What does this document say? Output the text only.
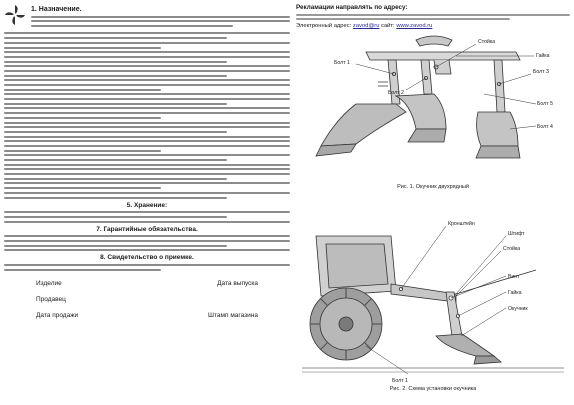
1. Назначение.
5. Хранение:
7. Гарантийные обязательства.
8. Свидетельство о приемке.
Изделие	Дата выпуска
Продавец
Дата продажи	Штамп магазина
Рекламации направлять по адресу:
Электронный адрес: zavod@ru сайт: www.zavod.ru
Стойка
Болт 1
Болт 2
Болт 3
Болт 4
Болт 5
Гайка
Рис. 1. Окучник двухрядный
Кронштейн
Стойка
Окучник
Гайка
Винт
Штифт
Болт 1
Рис. 2. Схема установки окучника
